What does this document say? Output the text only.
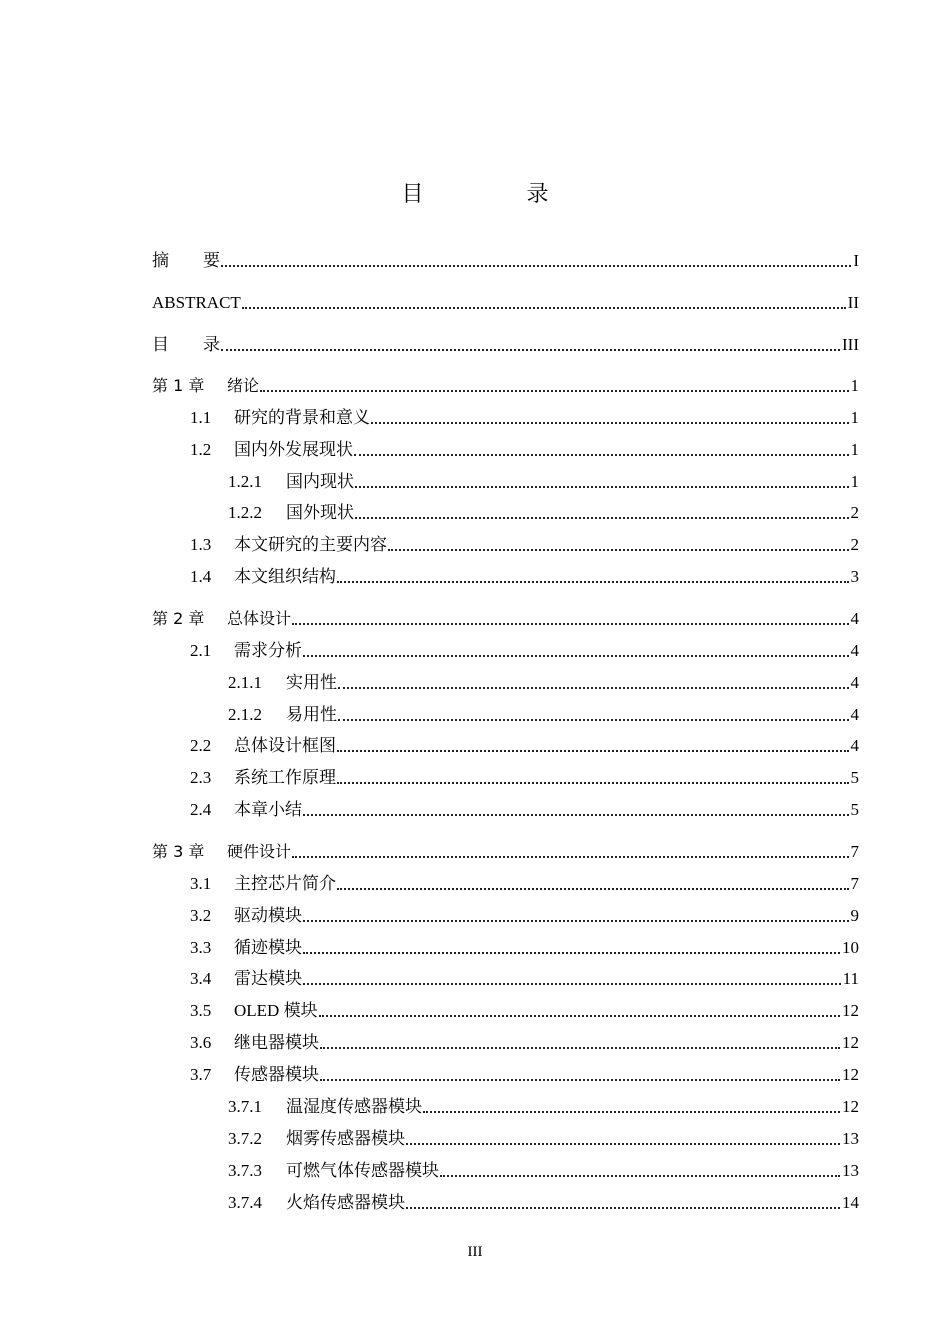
目 录
摘　　要	I
ABSTRACT	II
目　　录	III
第 1 章	绪论	1
1.1	研究的背景和意义	1
1.2	国内外发展现状	1
1.2.1	国内现状	1
1.2.2	国外现状	2
1.3	本文研究的主要内容	2
1.4	本文组织结构	3
第 2 章	总体设计	4
2.1	需求分析	4
2.1.1	实用性	4
2.1.2	易用性	4
2.2	总体设计框图	4
2.3	系统工作原理	5
2.4	本章小结	5
第 3 章	硬件设计	7
3.1	主控芯片简介	7
3.2	驱动模块	9
3.3	循迹模块	10
3.4	雷达模块	11
3.5	OLED 模块	12
3.6	继电器模块	12
3.7	传感器模块	12
3.7.1	温湿度传感器模块	12
3.7.2	烟雾传感器模块	13
3.7.3	可燃气体传感器模块	13
3.7.4	火焰传感器模块	14
III
